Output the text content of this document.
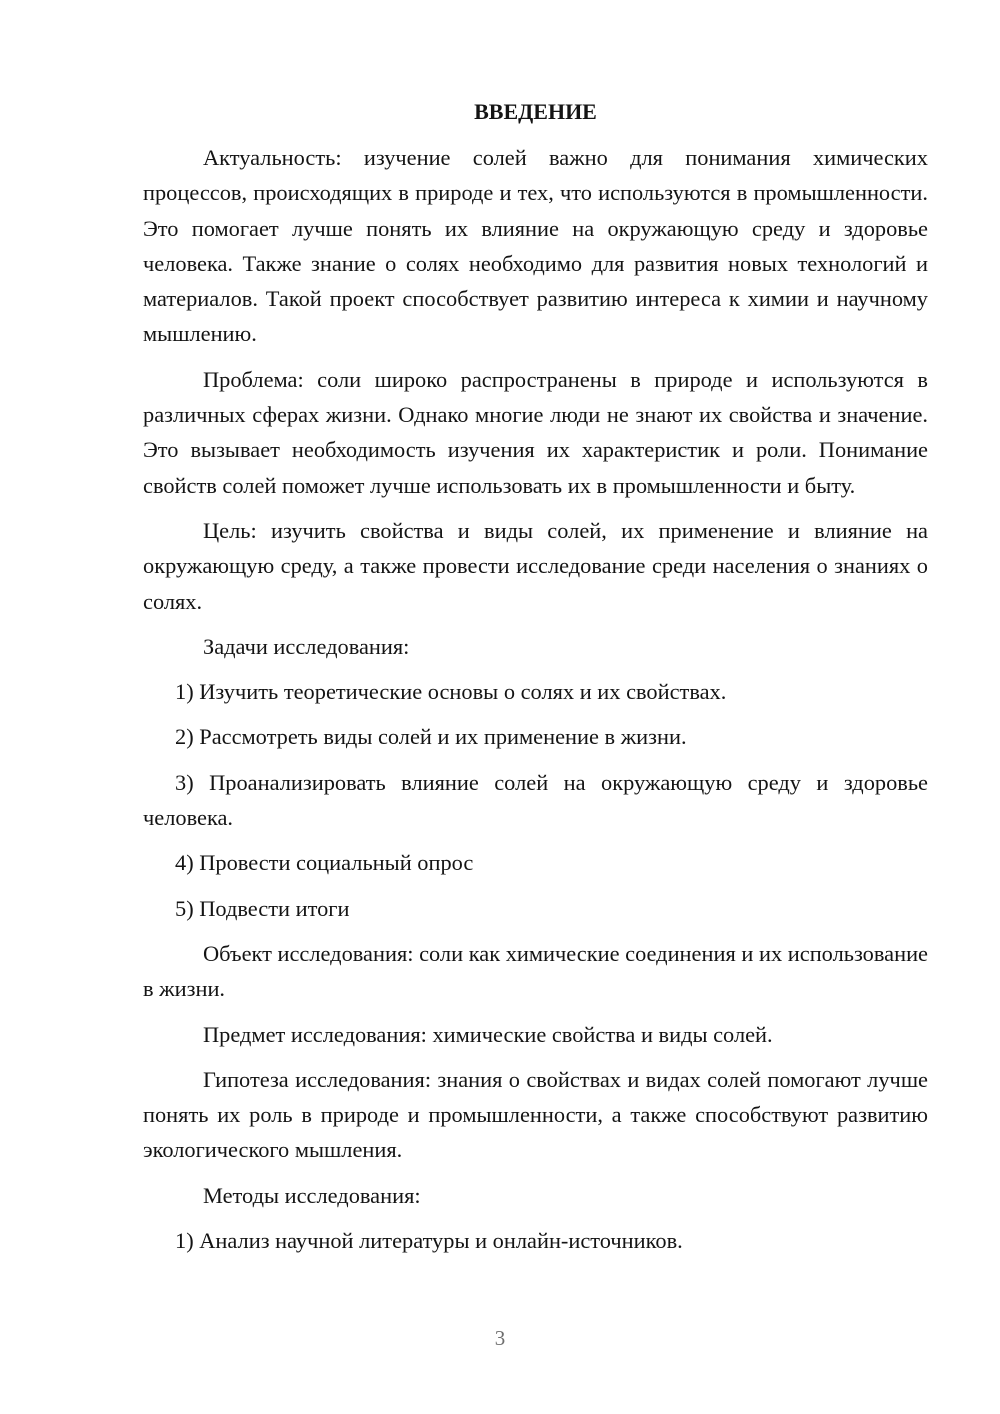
ВВЕДЕНИЕ

Актуальность: изучение солей важно для понимания химических процессов, происходящих в природе и тех, что используются в промышленности. Это помогает лучше понять их влияние на окружающую среду и здоровье человека. Также знание о солях необходимо для развития новых технологий и материалов. Такой проект способствует развитию интереса к химии и научному мышлению.

Проблема: соли широко распространены в природе и используются в различных сферах жизни. Однако многие люди не знают их свойства и значение. Это вызывает необходимость изучения их характеристик и роли. Понимание свойств солей поможет лучше использовать их в промышленности и быту.

Цель: изучить свойства и виды солей, их применение и влияние на окружающую среду, а также провести исследование среди населения о знаниях о солях.

Задачи исследования:

1) Изучить теоретические основы о солях и их свойствах.

2) Рассмотреть виды солей и их применение в жизни.

3) Проанализировать влияние солей на окружающую среду и здоровье человека.

4) Провести социальный опрос

5) Подвести итоги

Объект исследования: соли как химические соединения и их использование в жизни.

Предмет исследования: химические свойства и виды солей.

Гипотеза исследования: знания о свойствах и видах солей помогают лучше понять их роль в природе и промышленности, а также способствуют развитию экологического мышления.

Методы исследования:

1) Анализ научной литературы и онлайн-источников.

3
